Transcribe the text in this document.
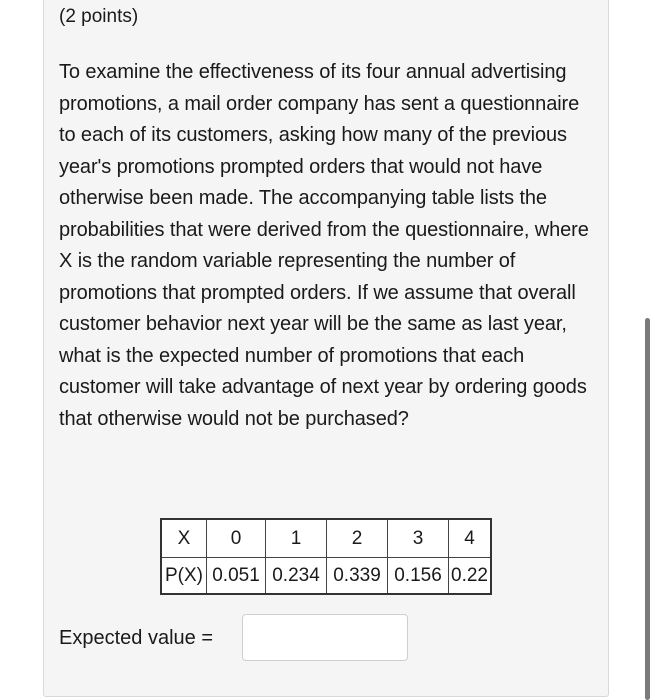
(2 points)

To examine the effectiveness of its four annual advertising promotions, a mail order company has sent a questionnaire to each of its customers, asking how many of the previous year's promotions prompted orders that would not have otherwise been made. The accompanying table lists the probabilities that were derived from the questionnaire, where X is the random variable representing the number of promotions that prompted orders. If we assume that overall customer behavior next year will be the same as last year, what is the expected number of promotions that each customer will take advantage of next year by ordering goods that otherwise would not be purchased?

X	0	1	2	3	4
P(X)	0.051	0.234	0.339	0.156	0.22
Expected value =
